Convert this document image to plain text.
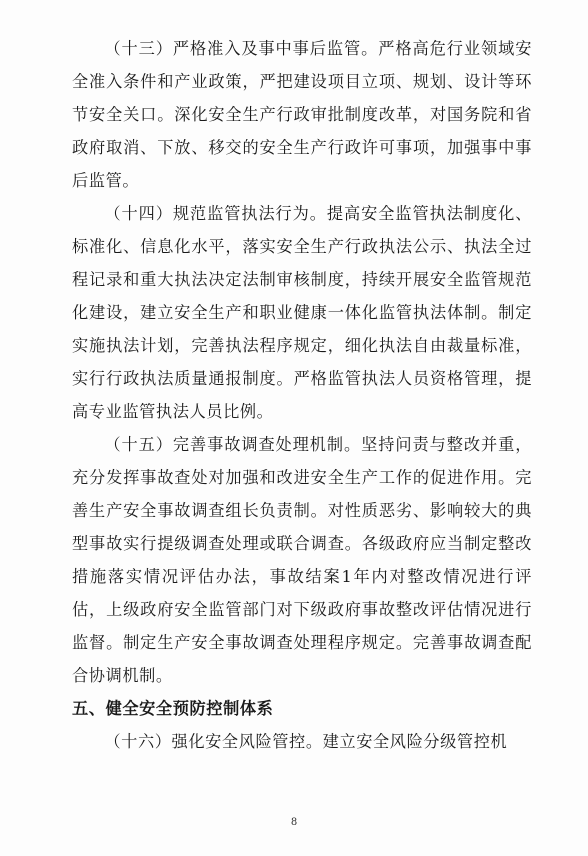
（十三）严格准入及事中事后监管。严格高危行业领域安全准入条件和产业政策，严把建设项目立项、规划、设计等环节安全关口。深化安全生产行政审批制度改革，对国务院和省政府取消、下放、移交的安全生产行政许可事项，加强事中事后监管。

（十四）规范监管执法行为。提高安全监管执法制度化、标准化、信息化水平，落实安全生产行政执法公示、执法全过程记录和重大执法决定法制审核制度，持续开展安全监管规范化建设，建立安全生产和职业健康一体化监管执法体制。制定实施执法计划，完善执法程序规定，细化执法自由裁量标准，实行行政执法质量通报制度。严格监管执法人员资格管理，提高专业监管执法人员比例。

（十五）完善事故调查处理机制。坚持问责与整改并重，充分发挥事故查处对加强和改进安全生产工作的促进作用。完善生产安全事故调查组长负责制。对性质恶劣、影响较大的典型事故实行提级调查处理或联合调查。各级政府应当制定整改措施落实情况评估办法，事故结案1年内对整改情况进行评估，上级政府安全监管部门对下级政府事故整改评估情况进行监督。制定生产安全事故调查处理程序规定。完善事故调查配合协调机制。

五、健全安全预防控制体系

（十六）强化安全风险管控。建立安全风险分级管控机

8
